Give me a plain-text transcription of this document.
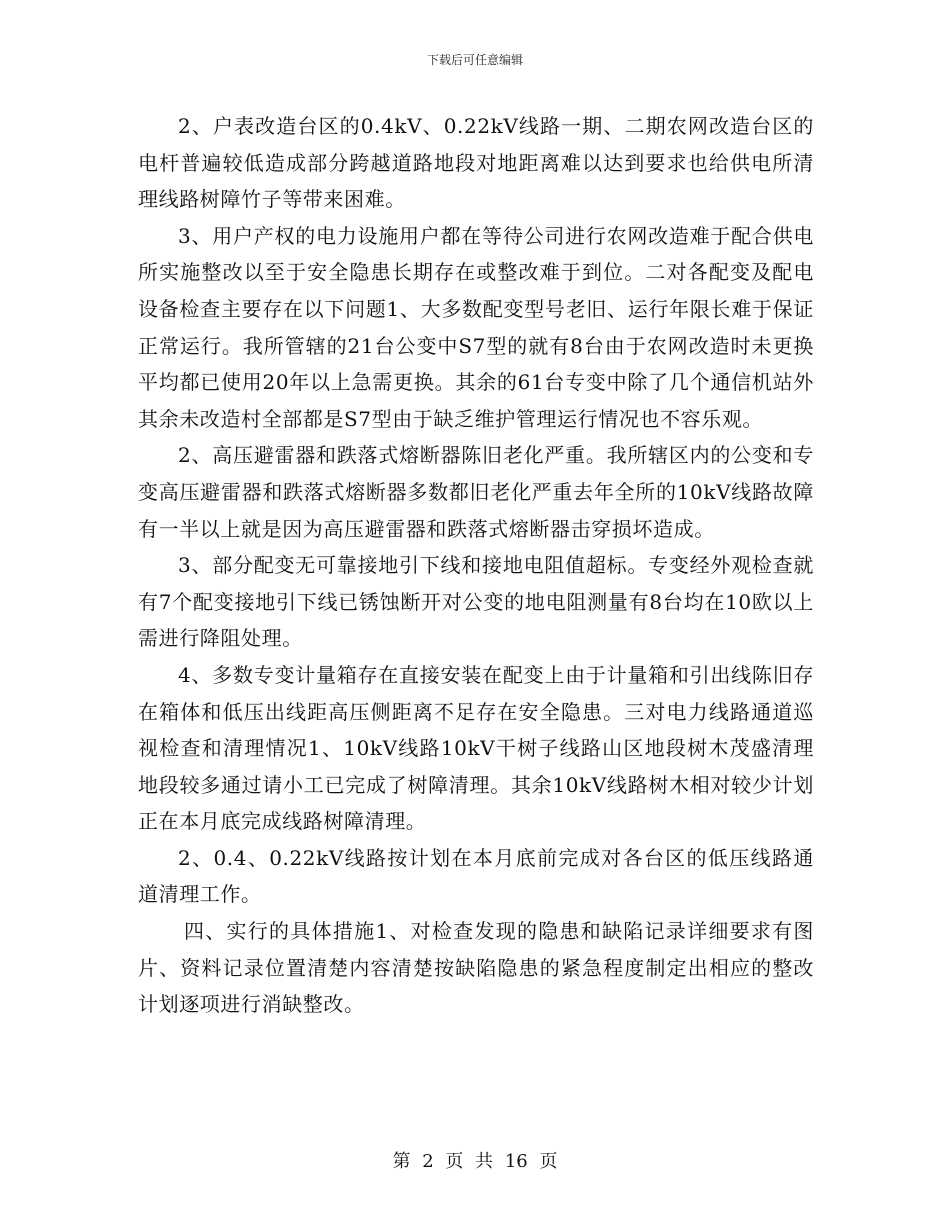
下载后可任意编辑

2、户表改造台区的0.4kV、0.22kV线路一期、二期农网改造台区的电杆普遍较低造成部分跨越道路地段对地距离难以达到要求也给供电所清理线路树障竹子等带来困难。

3、用户产权的电力设施用户都在等待公司进行农网改造难于配合供电所实施整改以至于安全隐患长期存在或整改难于到位。二对各配变及配电设备检查主要存在以下问题1、大多数配变型号老旧、运行年限长难于保证正常运行。我所管辖的21台公变中S7型的就有8台由于农网改造时未更换平均都已使用20年以上急需更换。其余的61台专变中除了几个通信机站外其余未改造村全部都是S7型由于缺乏维护管理运行情况也不容乐观。

2、高压避雷器和跌落式熔断器陈旧老化严重。我所辖区内的公变和专变高压避雷器和跌落式熔断器多数都旧老化严重去年全所的10kV线路故障有一半以上就是因为高压避雷器和跌落式熔断器击穿损坏造成。

3、部分配变无可靠接地引下线和接地电阻值超标。专变经外观检查就有7个配变接地引下线已锈蚀断开对公变的地电阻测量有8台均在10欧以上需进行降阻处理。

4、多数专变计量箱存在直接安装在配变上由于计量箱和引出线陈旧存在箱体和低压出线距高压侧距离不足存在安全隐患。三对电力线路通道巡视检查和清理情况1、10kV线路10kV干树子线路山区地段树木茂盛清理地段较多通过请小工已完成了树障清理。其余10kV线路树木相对较少计划正在本月底完成线路树障清理。

2、0.4、0.22kV线路按计划在本月底前完成对各台区的低压线路通道清理工作。

四、实行的具体措施1、对检查发现的隐患和缺陷记录详细要求有图片、资料记录位置清楚内容清楚按缺陷隐患的紧急程度制定出相应的整改计划逐项进行消缺整改。

第 2 页 共 16 页
